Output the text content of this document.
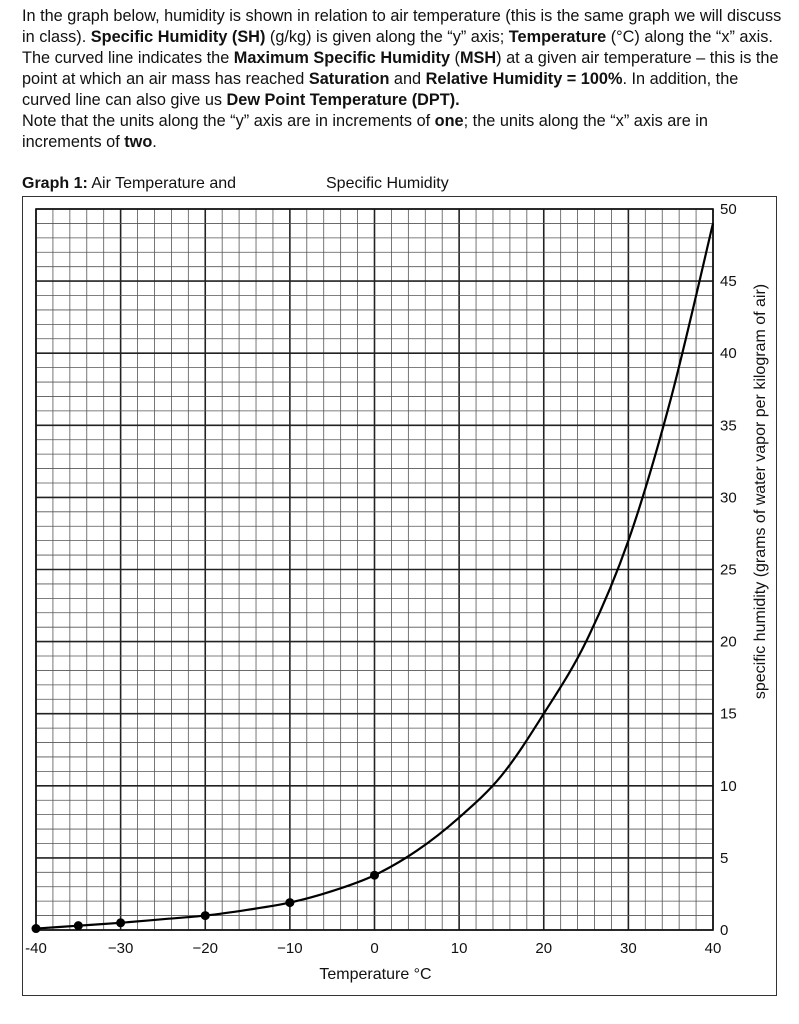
In the graph below, humidity is shown in relation to air temperature (this is the same graph we will discuss

in class). Specific Humidity (SH) (g/kg) is given along the “y” axis; Temperature (°C) along the “x” axis.

The curved line indicates the Maximum Specific Humidity (MSH) at a given air temperature – this is the

point at which an air mass has reached Saturation and Relative Humidity = 100%. In addition, the

curved line can also give us Dew Point Temperature (DPT).

Note that the units along the “y” axis are in increments of one; the units along the “x” axis are in

increments of two.

Graph 1: Air Temperature and	Specific Humidity
-40	−30	−20	−10	0	10	20	30	40
0
5
10
15
20
25
30
35
40
45
50
Temperature °C
specific humidity (grams of water vapor per kilogram of air)
